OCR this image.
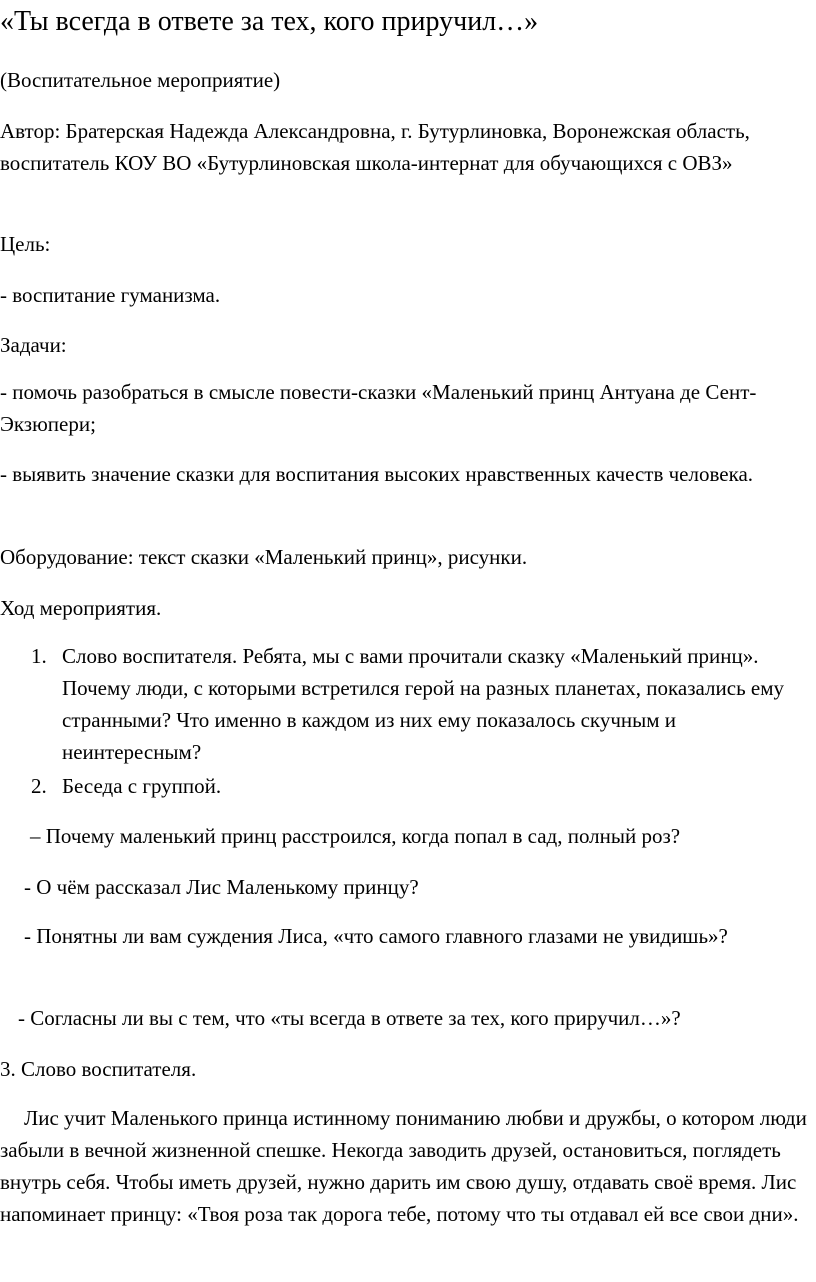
«Ты всегда в ответе за тех, кого приручил…»

(Воспитательное мероприятие)

Автор: Братерская Надежда Александровна, г. Бутурлиновка, Воронежская область, воспитатель КОУ ВО «Бутурлиновская школа-интернат для обучающихся с ОВЗ»

Цель:

- воспитание гуманизма.

Задачи:

- помочь разобраться в смысле повести-сказки «Маленький принц Антуана де Сент-Экзюпери;

- выявить значение сказки для воспитания высоких нравственных качеств человека.

Оборудование: текст сказки «Маленький принц», рисунки.

Ход мероприятия.

1. Слово воспитателя. Ребята, мы с вами прочитали сказку «Маленький принц». Почему люди, с которыми встретился герой на разных планетах, показались ему странными? Что именно в каждом из них ему показалось скучным и неинтересным?

2. Беседа с группой.

– Почему маленький принц расстроился, когда попал в сад, полный роз?

- О чём рассказал Лис Маленькому принцу?

- Понятны ли вам суждения Лиса, «что самого главного глазами не увидишь»?

- Согласны ли вы с тем, что «ты всегда в ответе за тех, кого приручил…»?

3. Слово воспитателя.

Лис учит Маленького принца истинному пониманию любви и дружбы, о котором люди забыли в вечной жизненной спешке. Некогда заводить друзей, остановиться, поглядеть внутрь себя. Чтобы иметь друзей, нужно дарить им свою душу, отдавать своё время. Лис напоминает принцу: «Твоя роза так дорога тебе, потому что ты отдавал ей все свои дни».
